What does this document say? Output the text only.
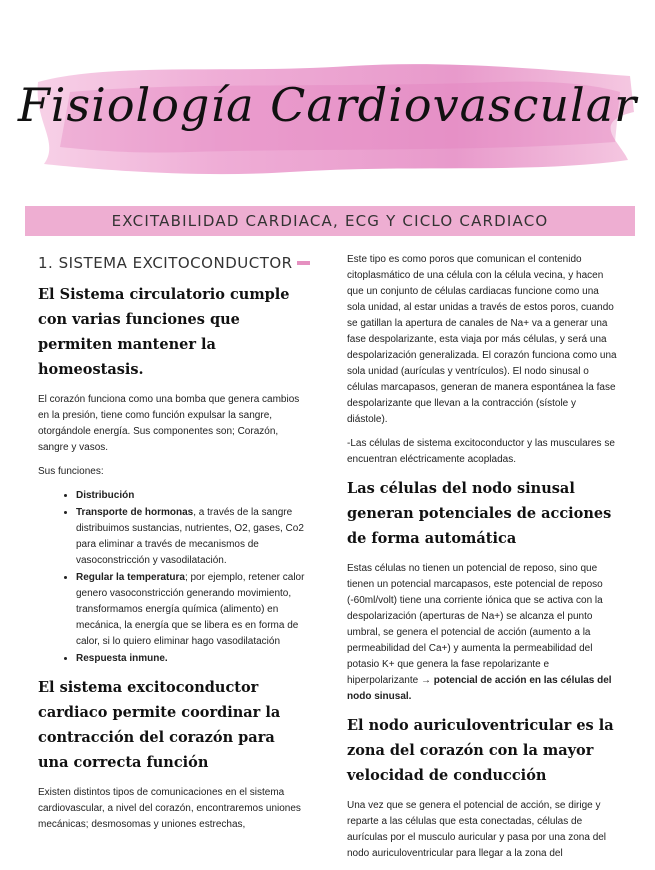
Fisiología Cardiovascular
EXCITABILIDAD CARDIACA, ECG Y CICLO CARDIACO
1. SISTEMA EXCITOCONDUCTOR
El Sistema circulatorio cumple con varias funciones que permiten mantener la homeostasis.

El corazón funciona como una bomba que genera cambios en la presión, tiene como función expulsar la sangre, otorgándole energía. Sus componentes son; Corazón, sangre y vasos.

Sus funciones:

• Distribución
• Transporte de hormonas, a través de la sangre distribuimos sustancias, nutrientes, O2, gases, Co2 para eliminar a través de mecanismos de vasoconstricción y vasodilatación.
• Regular la temperatura; por ejemplo, retener calor genero vasoconstricción generando movimiento, transformamos energía química (alimento) en mecánica, la energía que se libera es en forma de calor, si lo quiero eliminar hago vasodilatación
• Respuesta inmune.
El sistema excitoconductor cardiaco permite coordinar la contracción del corazón para una correcta función

Existen distintos tipos de comunicaciones en el sistema cardiovascular, a nivel del corazón, encontraremos uniones mecánicas; desmosomas y uniones estrechas,

Este tipo es como poros que comunican el contenido citoplasmático de una célula con la célula vecina, y hacen que un conjunto de células cardiacas funcione como una sola unidad, al estar unidas a través de estos poros, cuando se gatillan la apertura de canales de Na+ va a generar una fase despolarizante, esta viaja por más células, y será una despolarización generalizada. El corazón funciona como una sola unidad (aurículas y ventrículos). El nodo sinusal o células marcapasos, generan de manera espontánea la fase despolarizante que llevan a la contracción (sístole y diástole).

-Las células de sistema excitoconductor y las musculares se encuentran eléctricamente acopladas.

Las células del nodo sinusal generan potenciales de acciones de forma automática

Estas células no tienen un potencial de reposo, sino que tienen un potencial marcapasos, este potencial de reposo (-60ml/volt) tiene una corriente iónica que se activa con la despolarización (aperturas de Na+) se alcanza el punto umbral, se genera el potencial de acción (aumento a la permeabilidad del Ca+) y aumenta la permeabilidad del potasio K+ que genera la fase repolarizante e hiperpolarizante → potencial de acción en las células del nodo sinusal.

El nodo auriculoventricular es la zona del corazón con la mayor velocidad de conducción

Una vez que se genera el potencial de acción, se dirige y reparte a las células que esta conectadas, células de aurículas por el musculo auricular y pasa por una zona del nodo auriculoventricular para llegar a la zona del
